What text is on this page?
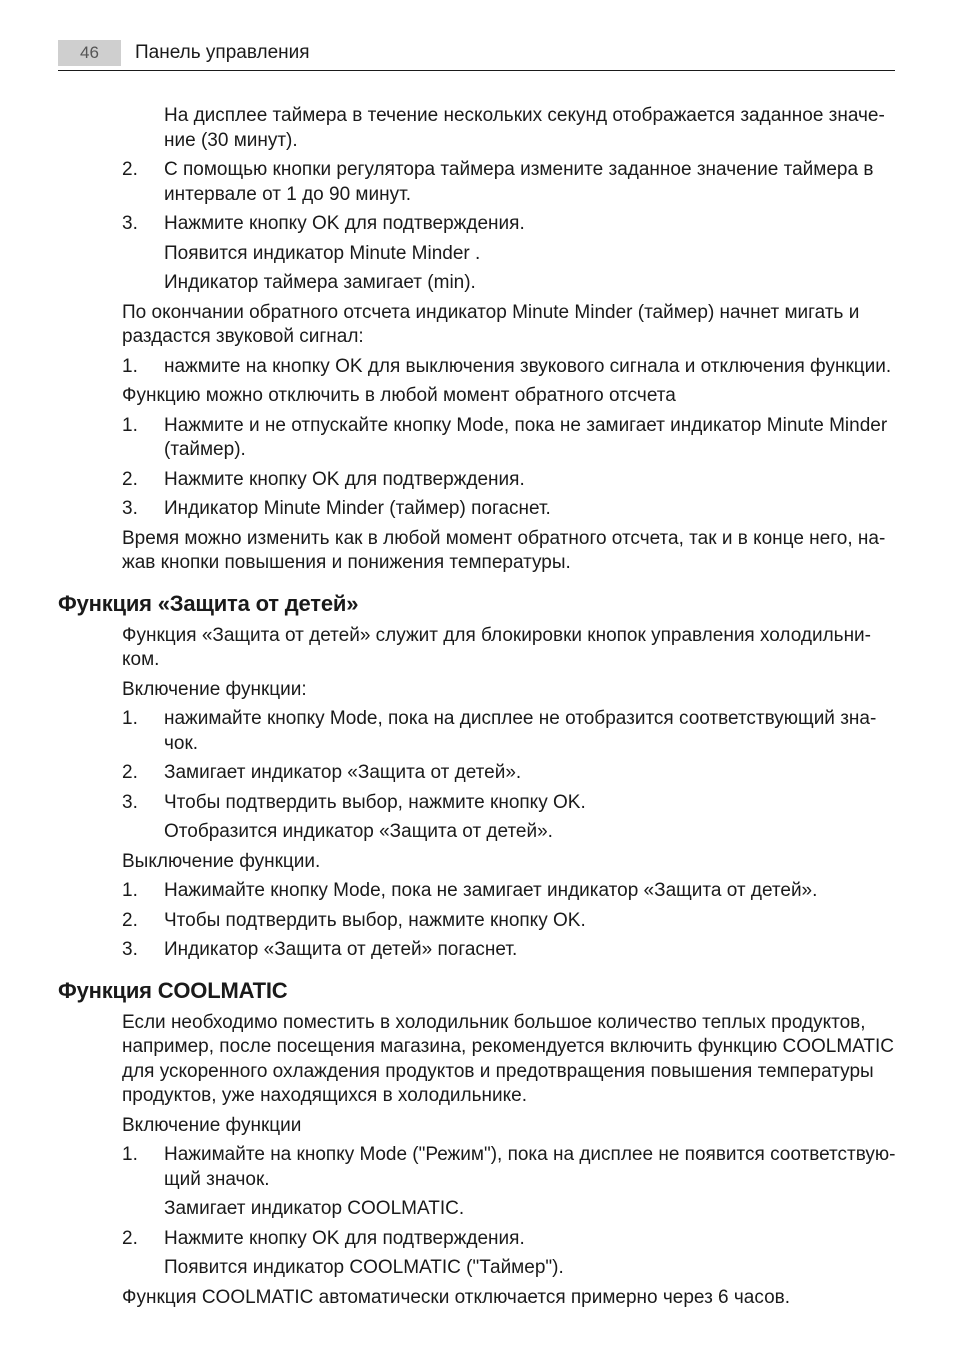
46	Панель управления
На дисплее таймера в течение нескольких секунд отображается заданное значе-ние (30 минут).
2.	С помощью кнопки регулятора таймера измените заданное значение таймера в интервале от 1 до 90 минут.
3.	Нажмите кнопку OK для подтверждения.
Появится индикатор Minute Minder .
Индикатор таймера замигает (min).
По окончании обратного отсчета индикатор Minute Minder (таймер) начнет мигать и раздастся звуковой сигнал:
1.	нажмите на кнопку OK для выключения звукового сигнала и отключения функции.
Функцию можно отключить в любой момент обратного отсчета
1.	Нажмите и не отпускайте кнопку Mode, пока не замигает индикатор Minute Minder (таймер).
2.	Нажмите кнопку OK для подтверждения.
3.	Индикатор Minute Minder (таймер) погаснет.
Время можно изменить как в любой момент обратного отсчета, так и в конце него, на-жав кнопки повышения и понижения температуры.
Функция «Защита от детей»
Функция «Защита от детей» служит для блокировки кнопок управления холодильни-ком.
Включение функции:
1.	нажимайте кнопку Mode, пока на дисплее не отобразится соответствующий зна-чок.
2.	Замигает индикатор «Защита от детей».
3.	Чтобы подтвердить выбор, нажмите кнопку OK.
Отобразится индикатор «Защита от детей».
Выключение функции.
1.	Нажимайте кнопку Mode, пока не замигает индикатор «Защита от детей».
2.	Чтобы подтвердить выбор, нажмите кнопку OK.
3.	Индикатор «Защита от детей» погаснет.
Функция COOLMATIC
Если необходимо поместить в холодильник большое количество теплых продуктов, например, после посещения магазина, рекомендуется включить функцию COOLMATIC для ускоренного охлаждения продуктов и предотвращения повышения температуры продуктов, уже находящихся в холодильнике.
Включение функции
1.	Нажимайте на кнопку Mode ("Режим"), пока на дисплее не появится соответствую-щий значок.
Замигает индикатор COOLMATIC.
2.	Нажмите кнопку OK для подтверждения.
Появится индикатор COOLMATIC ("Таймер").
Функция COOLMATIC автоматически отключается примерно через 6 часов.
